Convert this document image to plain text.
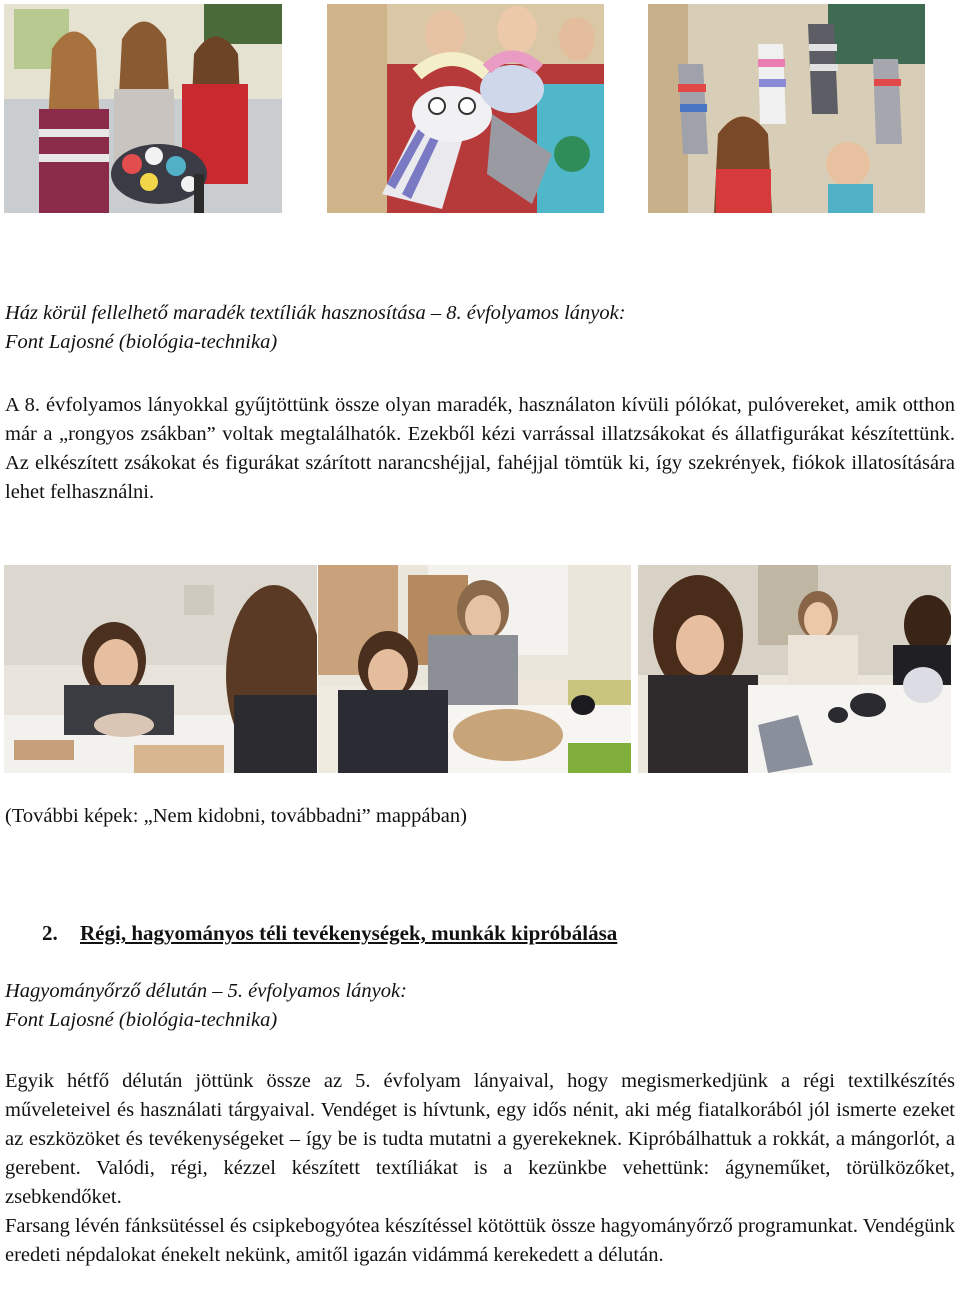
Ház körül fellelhető maradék textíliák hasznosítása – 8. évfolyamos lányok:
Font Lajosné (biológia-technika)
A 8. évfolyamos lányokkal gyűjtöttünk össze olyan maradék, használaton kívüli pólókat, pulóvereket, amik otthon már a „rongyos zsákban” voltak megtalálhatók. Ezekből kézi varrással illatzsákokat és állatfigurákat készítettünk. Az elkészített zsákokat és figurákat szárított narancshéjjal, fahéjjal tömtük ki, így szekrények, fiókok illatosítására lehet felhasználni.
(További képek: „Nem kidobni, továbbadni” mappában)
2. Régi, hagyományos téli tevékenységek, munkák kipróbálása
Hagyományőrző délután – 5. évfolyamos lányok:
Font Lajosné (biológia-technika)
Egyik hétfő délután jöttünk össze az 5. évfolyam lányaival, hogy megismerkedjünk a régi textilkészítés műveleteivel és használati tárgyaival. Vendéget is hívtunk, egy idős nénit, aki még fiatalkorából jól ismerte ezeket az eszközöket és tevékenységeket – így be is tudta mutatni a gyerekeknek. Kipróbálhattuk a rokkát, a mángorlót, a gerebent. Valódi, régi, kézzel készített textíliákat is a kezünkbe vehettünk: ágyneműket, törülközőket, zsebkendőket.
Farsang lévén fánksütéssel és csipkebogyótea készítéssel kötöttük össze hagyományőrző programunkat. Vendégünk eredeti népdalokat énekelt nekünk, amitől igazán vidámmá kerekedett a délután.
